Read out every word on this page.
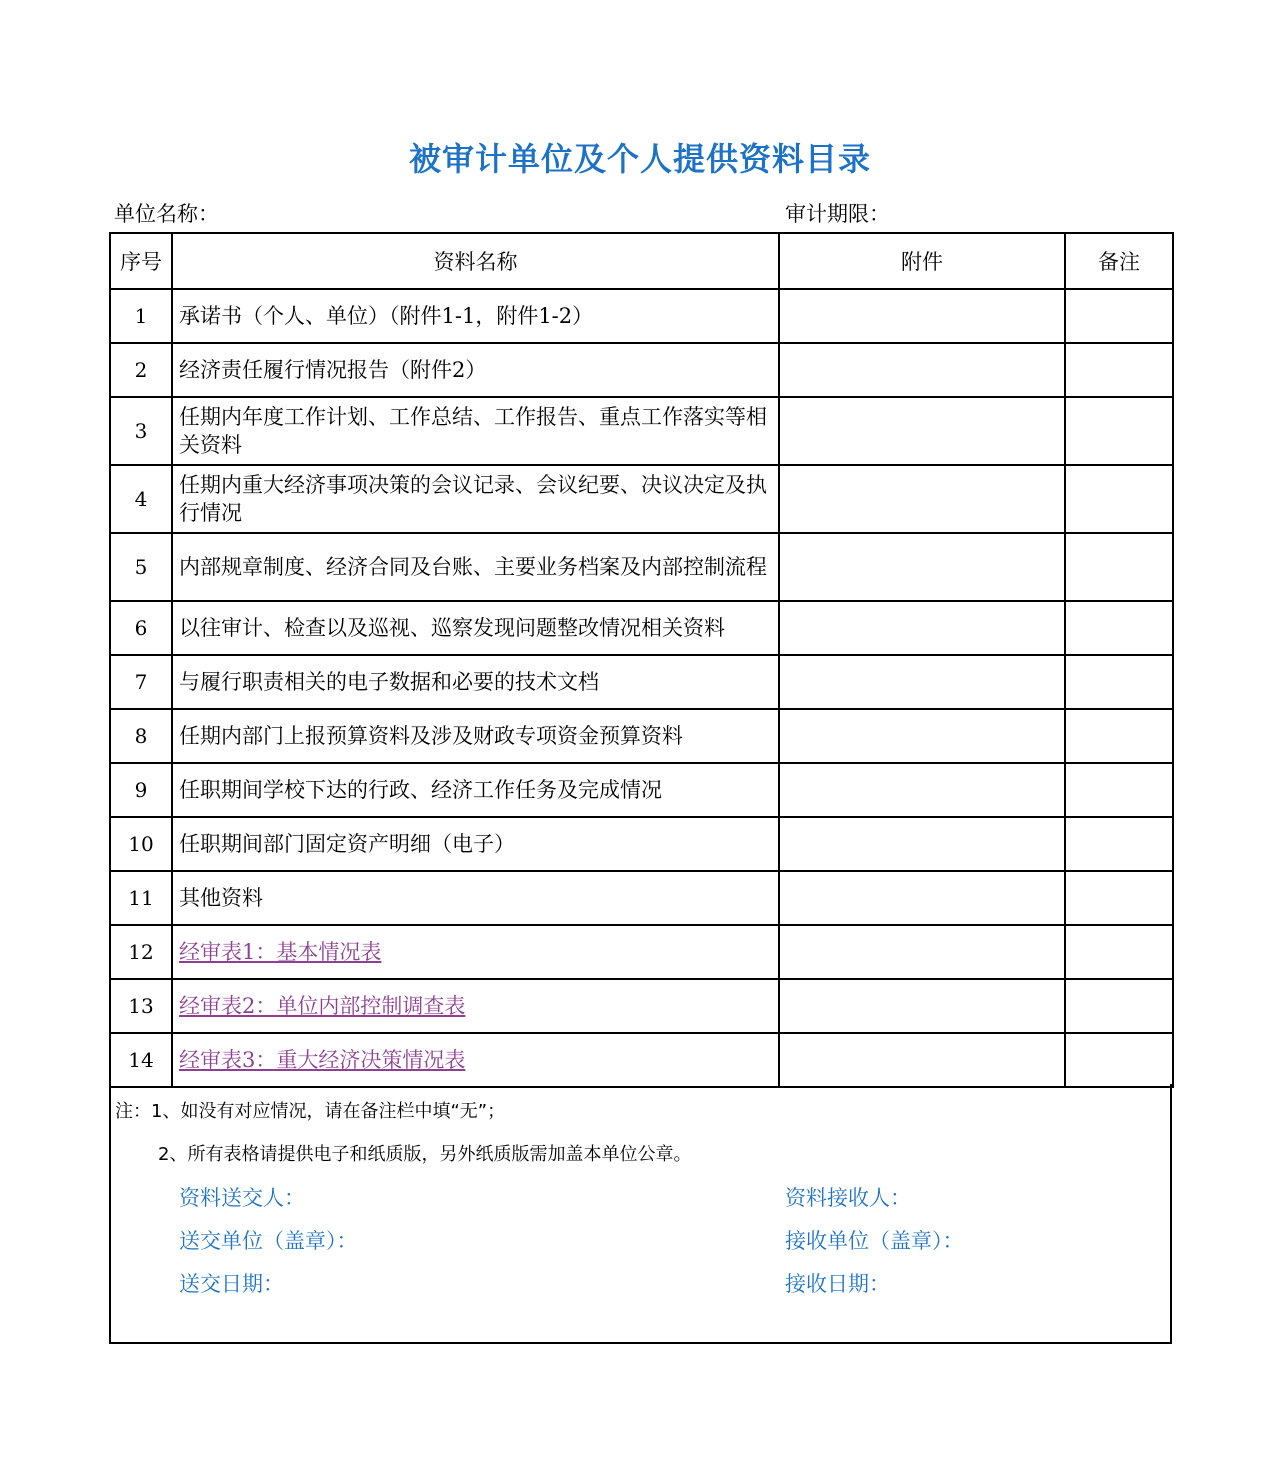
被审计单位及个人提供资料目录
单位名称：	审计期限：
序号	资料名称	附件	备注
1	承诺书（个人、单位）（附件1-1，附件1-2）		
2	经济责任履行情况报告（附件2）		
3	任期内年度工作计划、工作总结、工作报告、重点工作落实等相关资料		
4	任期内重大经济事项决策的会议记录、会议纪要、决议决定及执行情况		
5	内部规章制度、经济合同及台账、主要业务档案及内部控制流程		
6	以往审计、检查以及巡视、巡察发现问题整改情况相关资料		
7	与履行职责相关的电子数据和必要的技术文档		
8	任期内部门上报预算资料及涉及财政专项资金预算资料		
9	任职期间学校下达的行政、经济工作任务及完成情况		
10	任职期间部门固定资产明细（电子）		
11	其他资料		
12	经审表1：基本情况表		
13	经审表2：单位内部控制调查表		
14	经审表3：重大经济决策情况表		
注：1、如没有对应情况，请在备注栏中填“无”；
2、所有表格请提供电子和纸质版，另外纸质版需加盖本单位公章。
资料送交人：	资料接收人：
送交单位（盖章）：	接收单位（盖章）：
送交日期：	接收日期：
